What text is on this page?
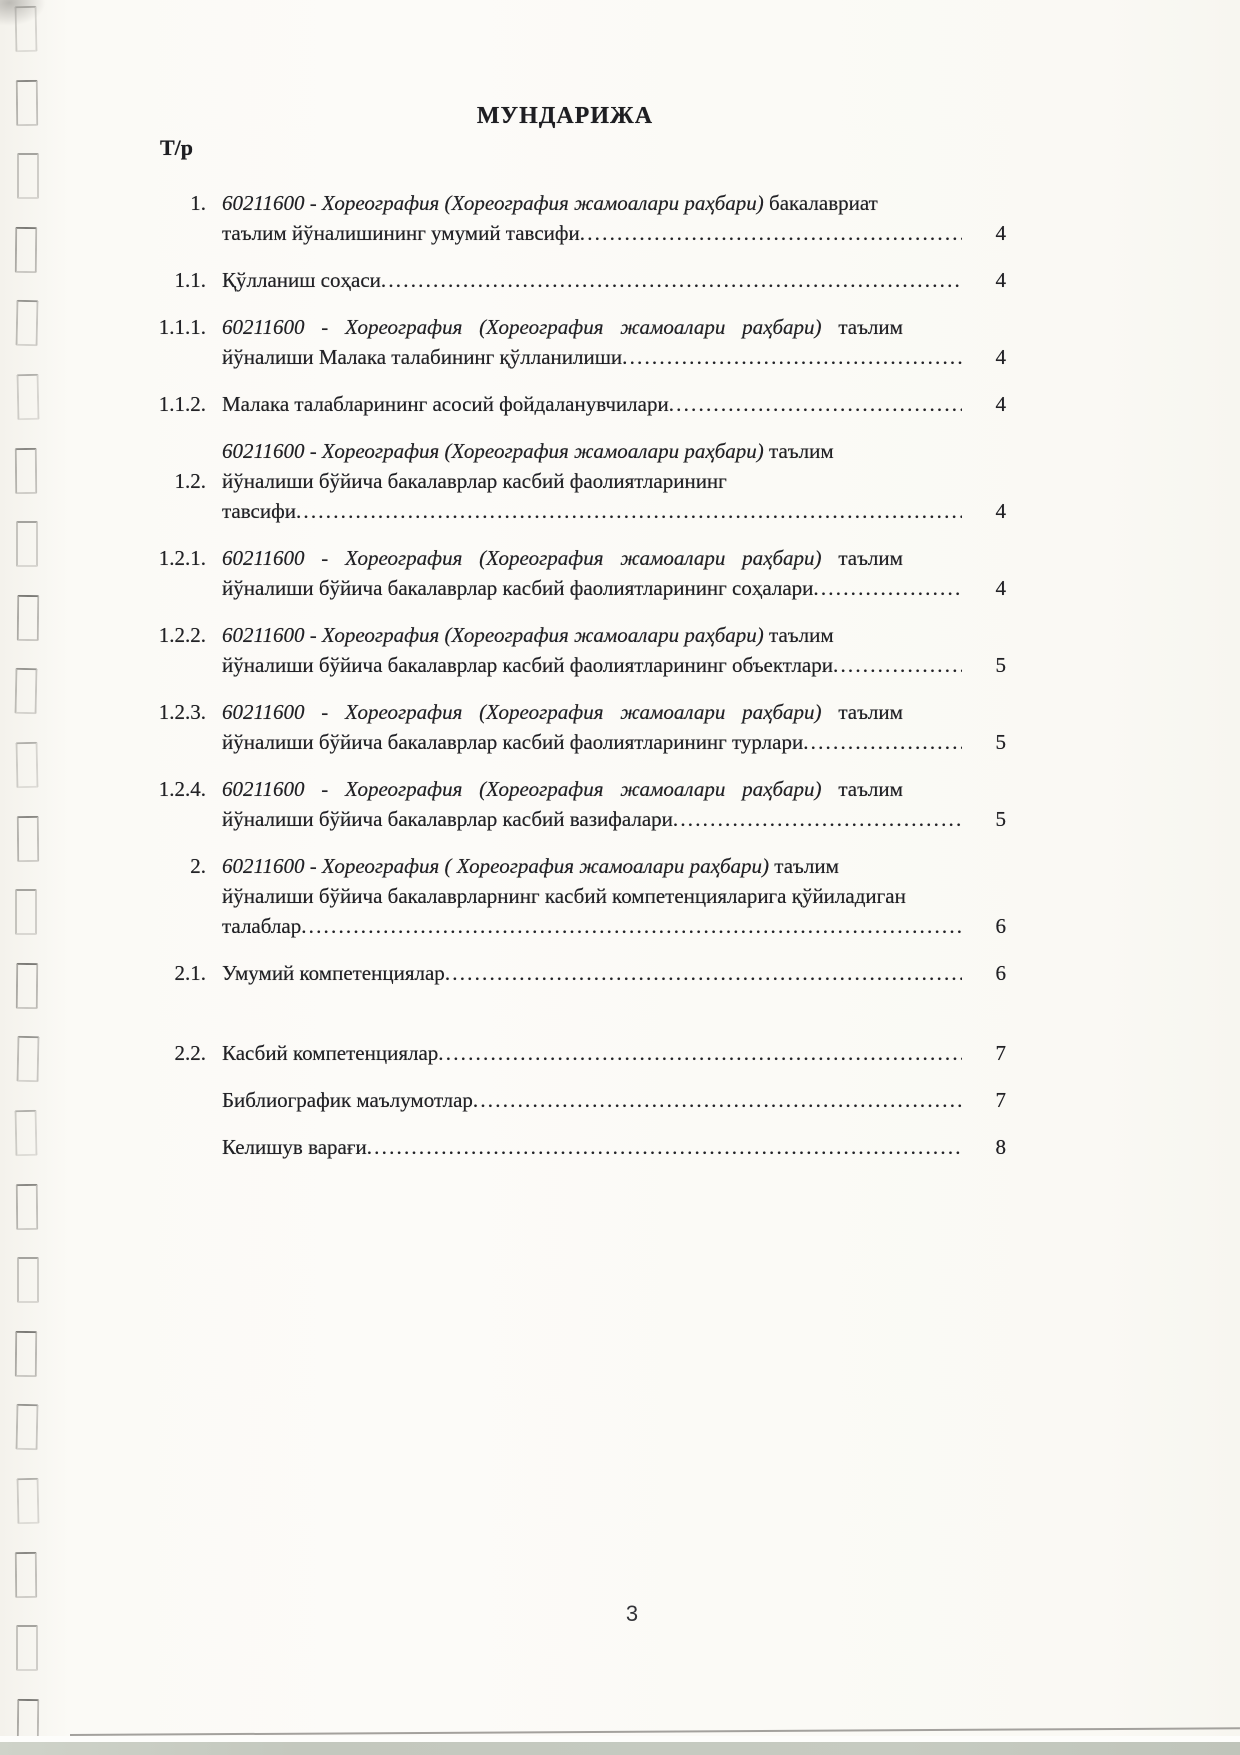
МУНДАРИЖА
Т/р
1. 60211600 - Хореография (Хореография жамоалари раҳбари) бакалавриат
таълим йўналишининг умумий тавсифи .....	4
1.1. Қўлланиш соҳаси .....	4
1.1.1. 60211600 - Хореография (Хореография жамоалари раҳбари) таълим
йўналиши Малака талабининг қўлланилиши .....	4
1.1.2. Малака талабларининг асосий фойдаланувчилари .....	4
1.2.
60211600 - Хореография (Хореография жамоалари раҳбари) таълим
йўналиши бўйича бакалаврлар касбий фаолиятларининг
тавсифи .....	4
1.2.1. 60211600 - Хореография (Хореография жамоалари раҳбари) таълим
йўналиши бўйича бакалаврлар касбий фаолиятларининг соҳалари .....	4
1.2.2. 60211600 - Хореография (Хореография жамоалари раҳбари) таълим
йўналиши бўйича бакалаврлар касбий фаолиятларининг объектлари .....	5
1.2.3. 60211600 - Хореография (Хореография жамоалари раҳбари) таълим
йўналиши бўйича бакалаврлар касбий фаолиятларининг турлари .....	5
1.2.4. 60211600 - Хореография (Хореография жамоалари раҳбари) таълим
йўналиши бўйича бакалаврлар касбий вазифалари .....	5
2. 60211600 - Хореография ( Хореография жамоалари раҳбари) таълим
йўналиши бўйича бакалаврларнинг касбий компетенцияларига қўйиладиган
талаблар .....	6
2.1. Умумий компетенциялар .....	6
2.2. Касбий компетенциялар .....	7
Библиографик маълумотлар .....	7
Келишув варағи .....	8
3
